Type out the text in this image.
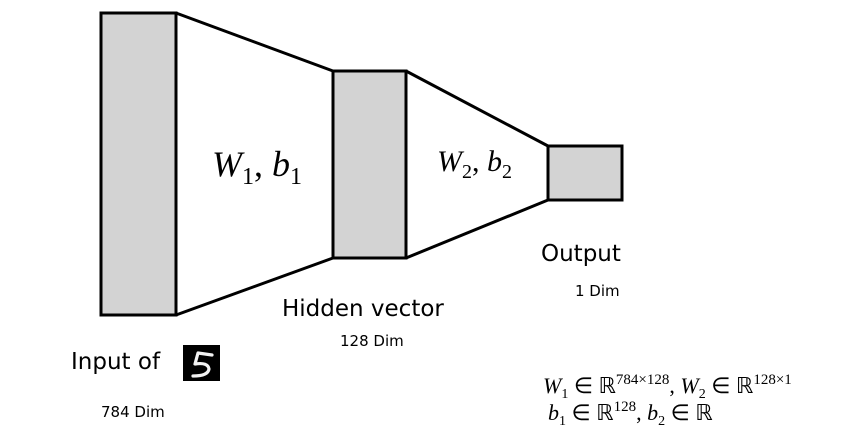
$W_1$, $b_1$	$W_2$, $b_2$
Output
1 Dim
Hidden vector
128 Dim
Input of
784 Dim
$W_1$ ∈ ℝ$^{784\times 128}$, $W_2$ ∈ ℝ$^{128\times 1}$
$b_1$ ∈ ℝ$^{128}$, $b_2$ ∈ ℝ
